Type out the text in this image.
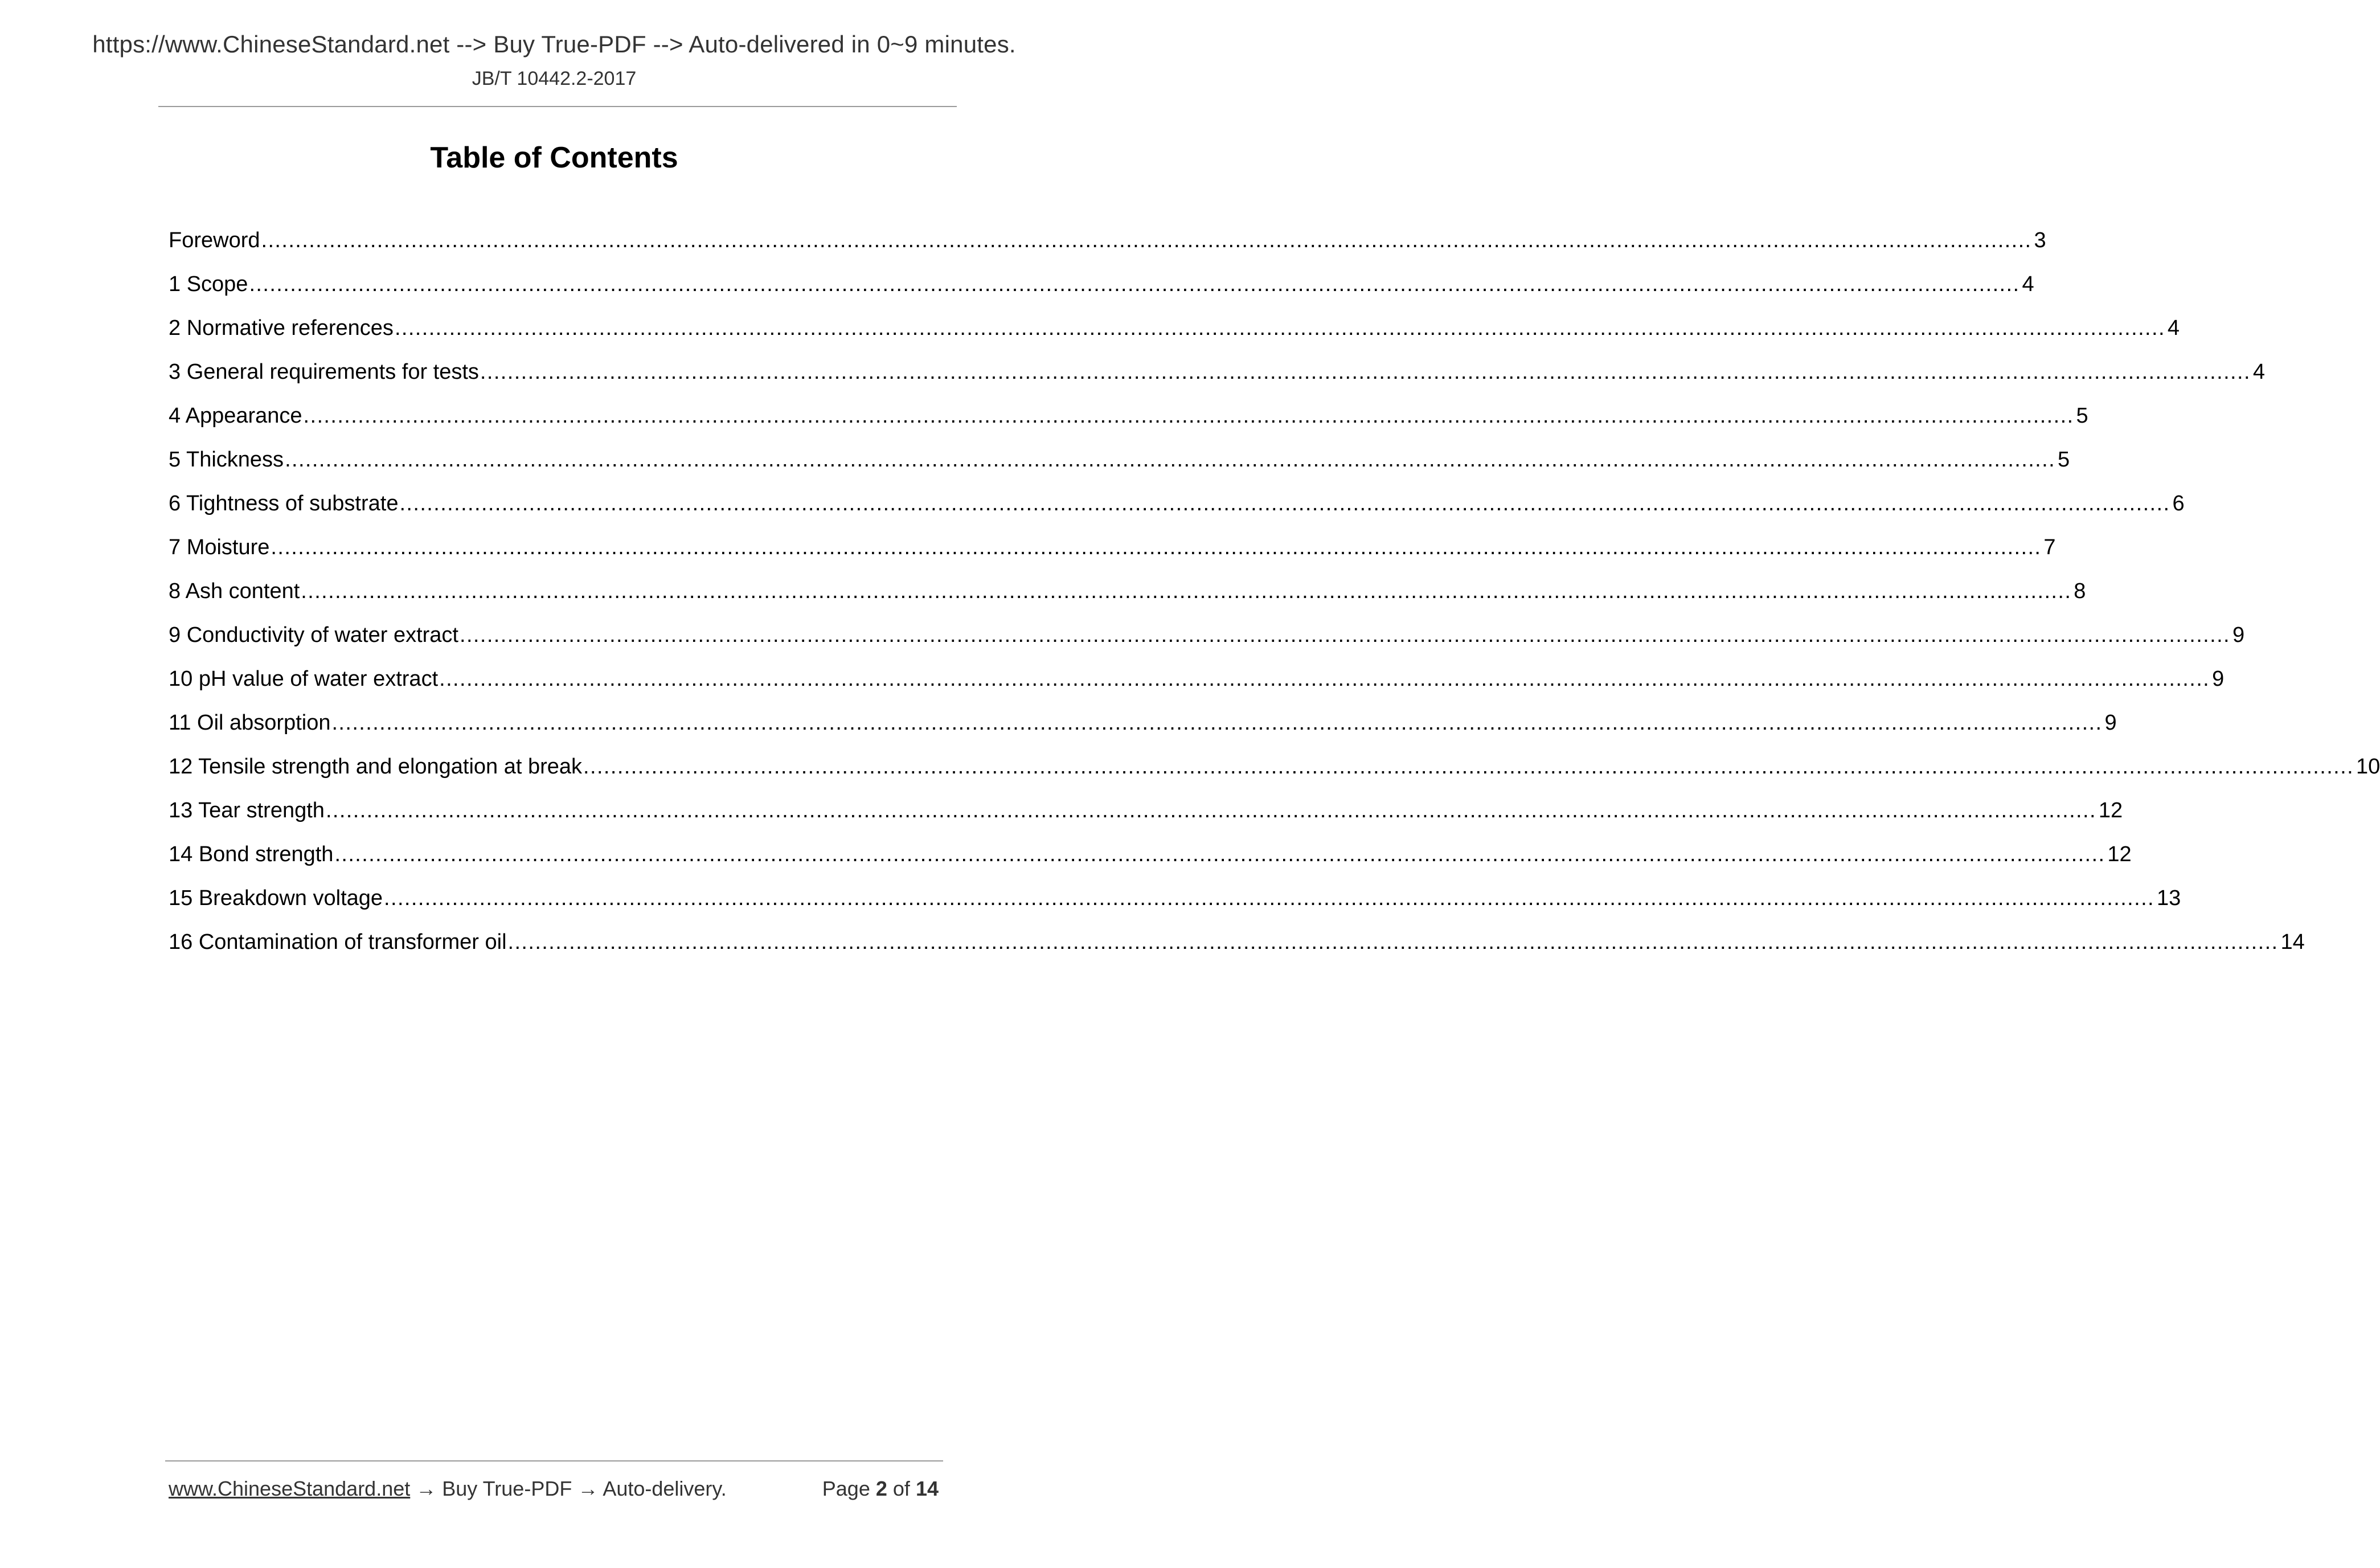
https://www.ChineseStandard.net --> Buy True-PDF --> Auto-delivered in 0~9 minutes.
JB/T 10442.2-2017
Table of Contents
Foreword .................................................................................................................................................................................................................................................................... 3
1 Scope .................................................................................................................................................................................................................................................................... 4
2 Normative references .................................................................................................................................................................................................................................................................... 4
3 General requirements for tests .................................................................................................................................................................................................................................................................... 4
4 Appearance .................................................................................................................................................................................................................................................................... 5
5 Thickness .................................................................................................................................................................................................................................................................... 5
6 Tightness of substrate .................................................................................................................................................................................................................................................................... 6
7 Moisture .................................................................................................................................................................................................................................................................... 7
8 Ash content .................................................................................................................................................................................................................................................................... 8
9 Conductivity of water extract .................................................................................................................................................................................................................................................................... 9
10 pH value of water extract .................................................................................................................................................................................................................................................................... 9
11 Oil absorption .................................................................................................................................................................................................................................................................... 9
12 Tensile strength and elongation at break .................................................................................................................................................................................................................................................................... 10
13 Tear strength .................................................................................................................................................................................................................................................................... 12
14 Bond strength .................................................................................................................................................................................................................................................................... 12
15 Breakdown voltage .................................................................................................................................................................................................................................................................... 13
16 Contamination of transformer oil .................................................................................................................................................................................................................................................................... 14
www.ChineseStandard.net → Buy True-PDF → Auto-delivery.	Page 2 of 14
